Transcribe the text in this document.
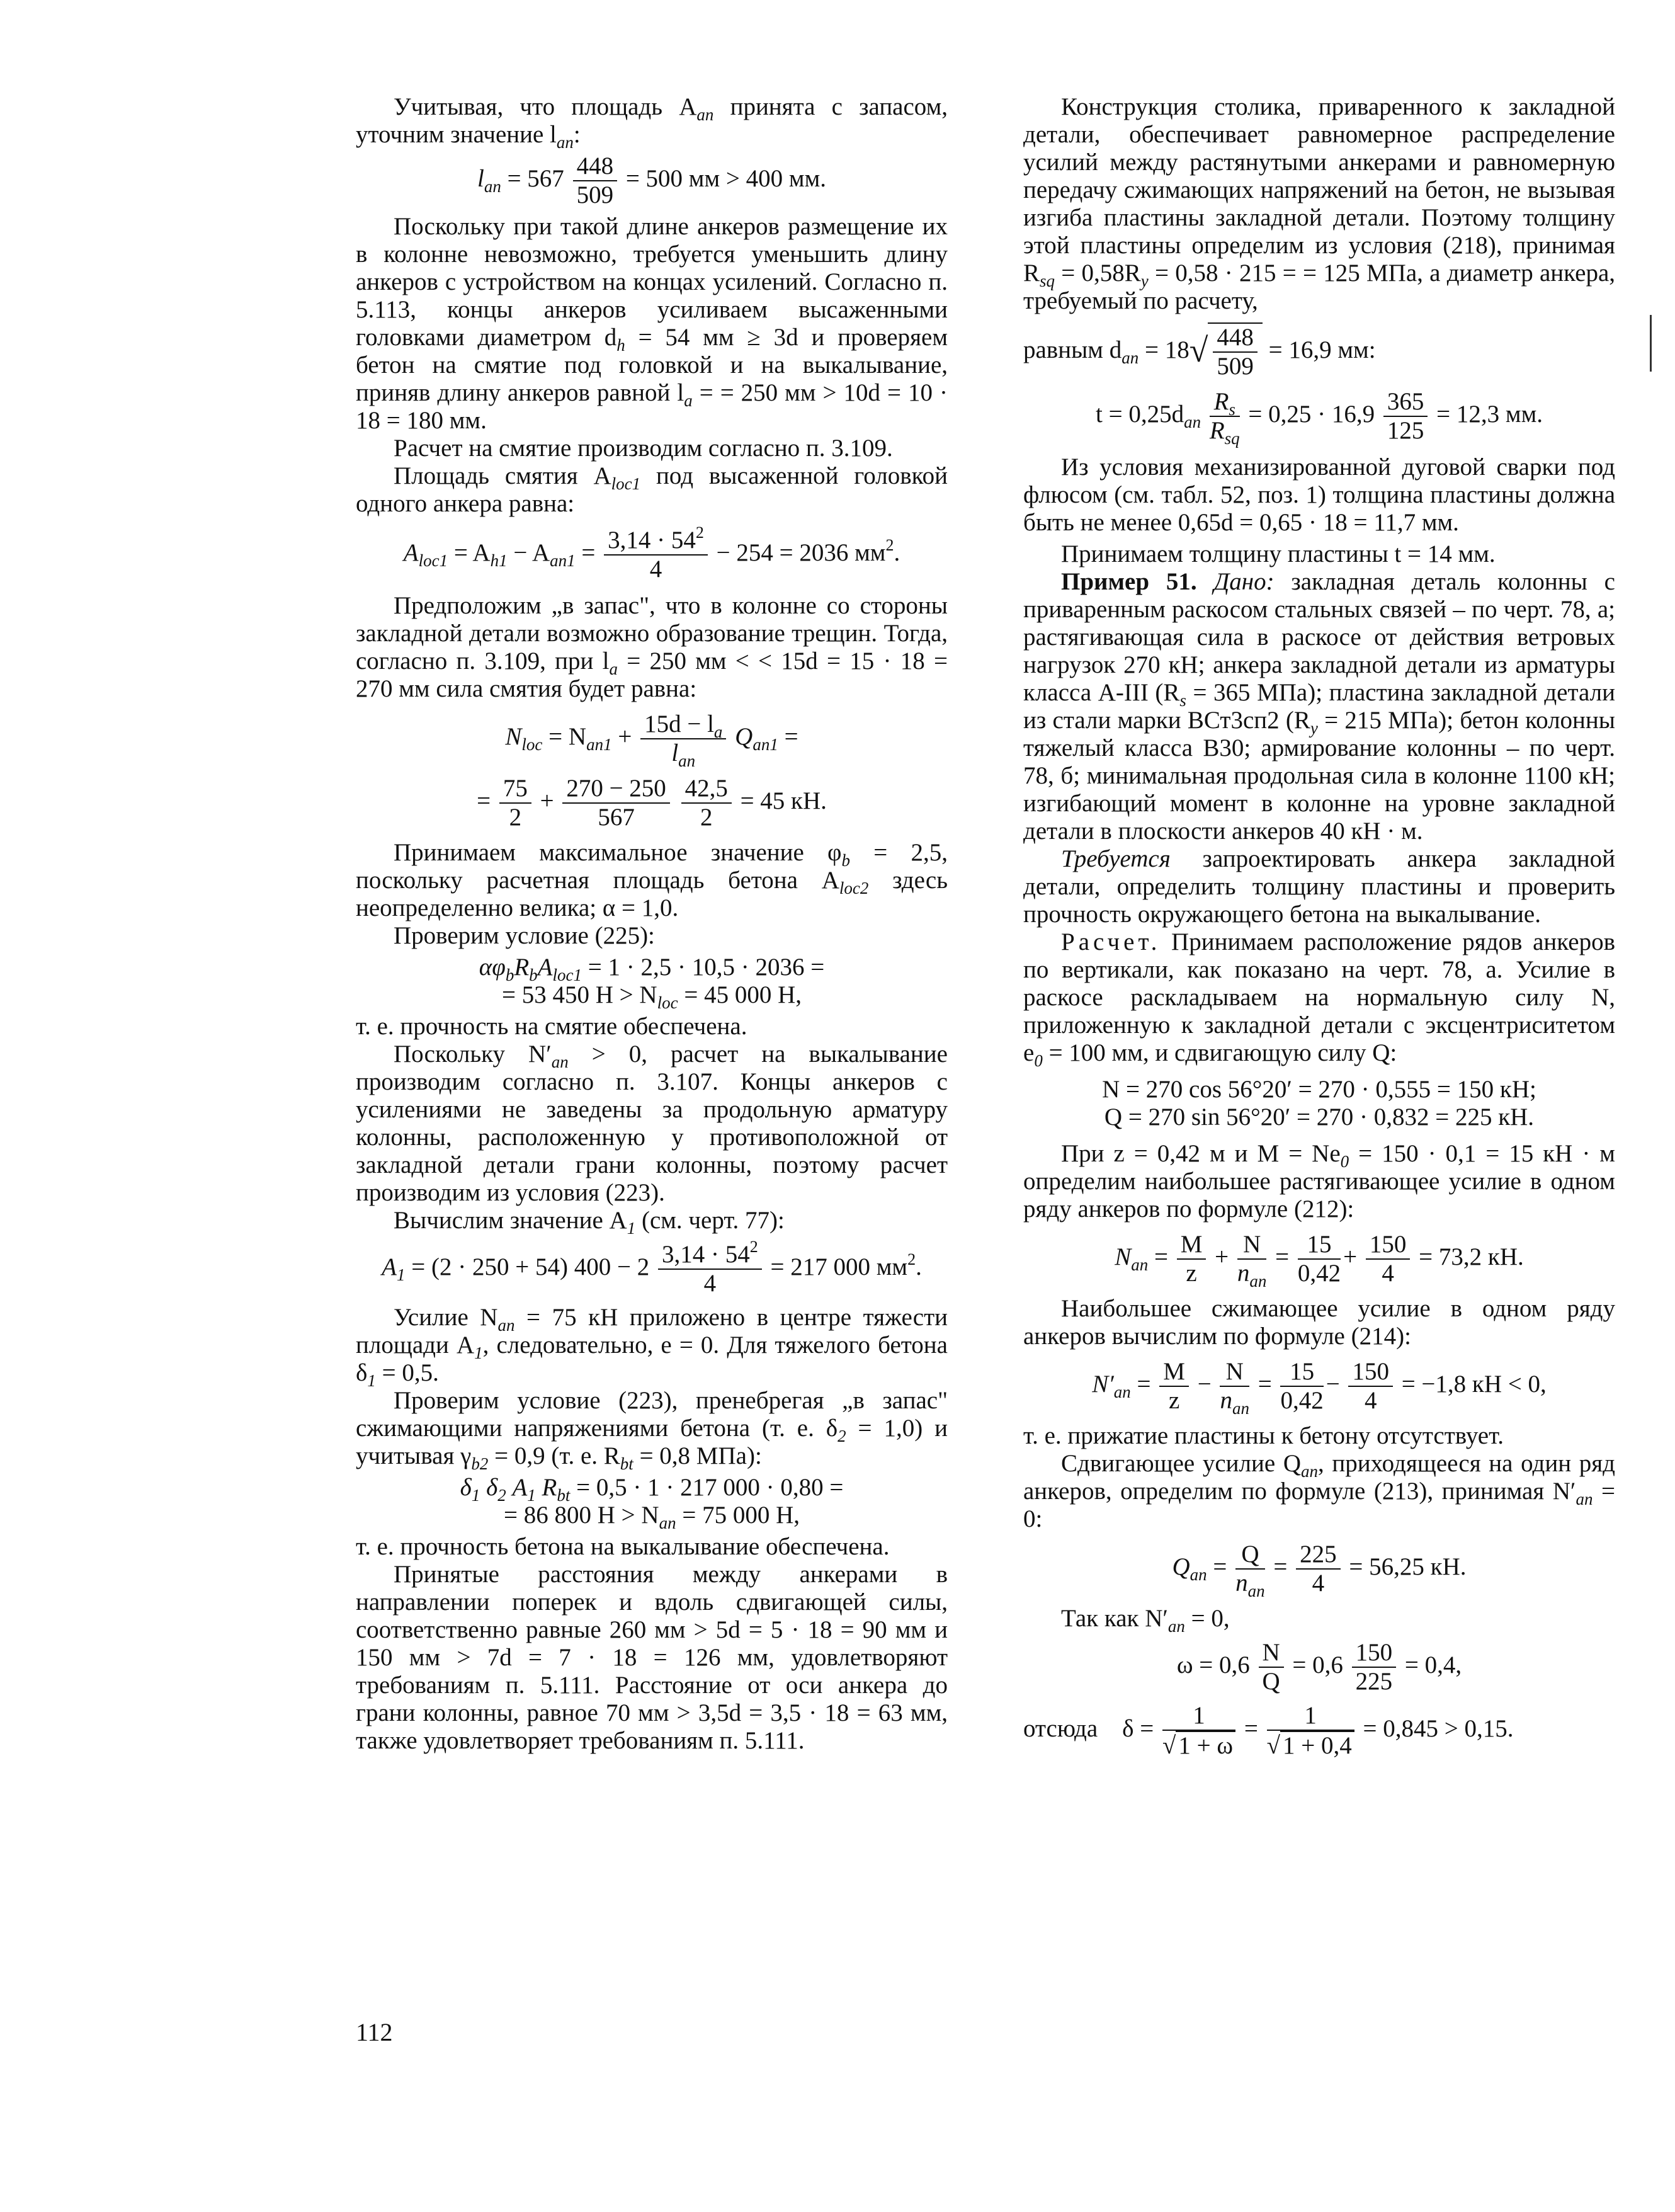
Учитывая, что площадь $A_{an}$ принята с запасом, уточним значение $l_{an}$:

$l_{an} = 567 \frac{448}{509} = 500$ мм > 400 мм.

Поскольку при такой длине анкеров размещение их в колонне невозможно, требуется уменьшить длину анкеров с устройством на концах усилений. Согласно п. 5.113, концы анкеров усиливаем высаженными головками диаметром $d_h = 54$ мм ≥ 3d и проверяем бетон на смятие под головкой и на выкалывание, приняв длину анкеров равной $l_a$ = = 250 мм > 10d = 10 · 18 = 180 мм.

Расчет на смятие производим согласно п. 3.109.

Площадь смятия $A_{loc1}$ под высаженной головкой одного анкера равна:

$A_{loc1} = A_{h1} - A_{an1} = \frac{3,14 \cdot 54^2}{4} - 254 = 2036$ $мм^2$.

Предположим „в запас", что в колонне со стороны закладной детали возможно образование трещин. Тогда, согласно п. 3.109, при $l_a = 250$ мм < < 15d = 15 · 18 = 270 мм сила смятия будет равна:

$N_{loc} = N_{an1} + 15d - l_a$
$l_{an}$
$Q_{an1}$ =
= $\frac{75}{2} + \frac{270 - 250}{567}$
$\frac{42,5}{2} = 45$ кН.

Принимаем максимальное значение $\varphi_b = 2,5$, поскольку расчетная площадь бетона $A_{loc2}$ здесь неопределенно велика; α = 1,0.

Проверим условие (225):

$\alpha\varphi_bR_bA_{loc1} = 1 \cdot 2,5 \cdot 10,5 \cdot 2036$ =
= 53 450 $Н > N_{loc} = 45$ 000 Н,

т. е. прочность на смятие обеспечена.

Поскольку $N'_{an} > 0$, расчет на выкалывание производим согласно п. 3.107. Концы анкеров с усилениями не заведены за продольную арматуру колонны, расположенную у противоположной от закладной детали грани колонны, поэтому расчет производим из условия (223).

Вычислим значение $A_1$ (см. черт. 77):

$A_1 = (2 \cdot 250 + 54) 400 - 2 \frac{3,14 \cdot 54^2}{4} = 217$ 000 $мм^2$.

Усилие $N_{an} = 75$ кН приложено в центре тяжести площади $A_1$, следовательно, e = 0. Для тяжелого бетона $\delta_1 = 0,5$.

Проверим условие (223), пренебрегая „в запас" сжимающими напряжениями бетона (т. е. $\delta_2 = 1,0$) и учитывая $\gamma_{b2} = 0,9$ (т. е. $R_{bt} = 0,8$ МПа):

$\delta_1$ $\delta_2$ $A_1$ $R_{bt} = 0,5 \cdot 1 \cdot 217$ 000 · 0,80 =
= 86 800 $Н > N_{an} = 75$ 000 Н,

т. е. прочность бетона на выкалывание обеспечена.

Принятые расстояния между анкерами в направлении поперек и вдоль сдвигающей силы, соответственно равные 260 мм > 5d = 5 · 18 = 90 мм и 150 мм > 7d = 7 · 18 = 126 мм, удовлетворяют требованиям п. 5.111. Расстояние от оси анкера до грани колонны, равное 70 мм > 3,5d = 3,5 · 18 = 63 мм, также удовлетворяет требованиям п. 5.111.

Конструкция столика, приваренного к закладной детали, обеспечивает равномерное распределение усилий между растянутыми анкерами и равномерную передачу сжимающих напряжений на бетон, не вызывая изгиба пластины закладной детали. Поэтому толщину этой пластины определим из условия (218), принимая $R_{sq} = 0,58R_y = 0,58 \cdot 215$ = = 125 МПа, а диаметр анкера, требуемый по расчету,

равным $d_{an} = 18√ \frac{448}{509} = 16,9$ мм:
$t = 0,25d_{an}$
$R_s$
$R_{sq}$
= $0,25 \cdot 16,9 \frac{365}{125} = 12,3$ мм.

Из условия механизированной дуговой сварки под флюсом (см. табл. 52, поз. 1) толщина пластины должна быть не менее 0,65d = 0,65 · 18 = 11,7 мм.

Принимаем толщину пластины t = 14 мм.

Пример 51. Дано: закладная деталь колонны с приваренным раскосом стальных связей – по черт. 78, а; растягивающая сила в раскосе от действия ветровых нагрузок 270 кН; анкера закладной детали из арматуры класса А-III ($R_s = 365$ МПа); пластина закладной детали из стали марки ВСт3сп2 ($R_y = 215$ МПа); бетон колонны тяжелый класса В30; армирование колонны – по черт. 78, б; минимальная продольная сила в колонне 1100 кН; изгибающий момент в колонне на уровне закладной детали в плоскости анкеров 40 кН · м.

Требуется запроектировать анкера закладной детали, определить толщину пластины и проверить прочность окружающего бетона на выкалывание.

Расчет. Принимаем расположение рядов анкеров по вертикали, как показано на черт. 78, а. Усилие в раскосе раскладываем на нормальную силу N, приложенную к закладной детали с эксцентриситетом $e_0 = 100$ мм, и сдвигающую силу Q:

N = 270 cos 56°20′ = 270 · 0,555 = 150 кН;
Q = 270 sin 56°20′ = 270 · 0,832 = 225 кН.

При z = 0,42 м и $M = Ne_0 = 150 \cdot 0,1 = 15$ кН · м определим наибольшее растягивающее усилие в одном ряду анкеров по формуле (212):

$N_{an} = \frac{M}{z} + N$
$n_{an}$
= $\frac{15}{0,42} + \frac{150}{4} = 73,2$ кН.

Наибольшее сжимающее усилие в одном ряду анкеров вычислим по формуле (214):

$N'_{an} = \frac{M}{z} - N$
$n_{an}$
= $\frac{15}{0,42} - \frac{150}{4} = -1,8$ кН < 0,

т. е. прижатие пластины к бетону отсутствует.

Сдвигающее усилие $Q_{an}$, приходящееся на один ряд анкеров, определим по формуле (213), принимая $N'_{an} = 0$:

$Q_{an} = Q$
$n_{an}$
= $\frac{225}{4} = 56,25$ кН.

Так как $N'_{an} = 0$,

$\omega = 0,6 \frac{N}{Q} = 0,6 \frac{150}{225} = 0,4$,
отсюда $\delta = \frac{1}{√ 1 + \omega} = \frac{1}{√ 1 + 0,4} = 0,845 > 0,15$.
112
